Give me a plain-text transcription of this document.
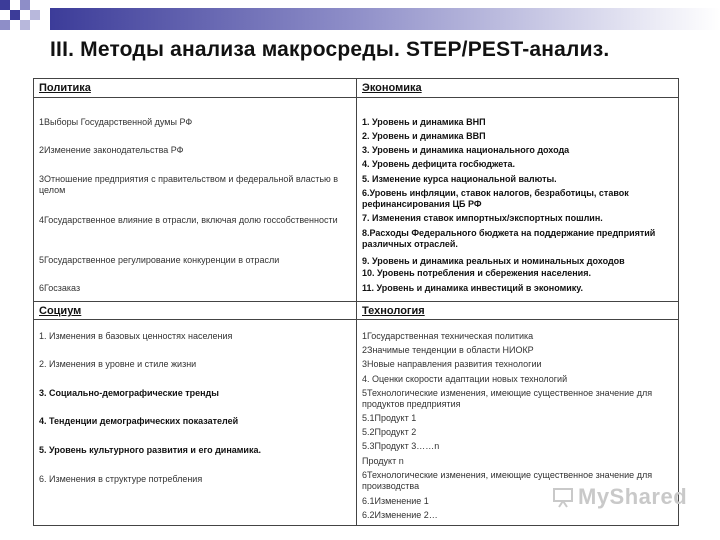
III. Методы анализа макросреды. STEP/PEST-анализ.
Политика
1Выборы Государственной думы РФ
2Изменение законодательства РФ
3Отношение предприятия с правительством и федеральной властью в целом
4Государственное влияние в отрасли, включая долю госсобственности
5Государственное регулирование конкуренции в отрасли
6Госзаказ
Экономика
1. Уровень и динамика ВНП
2. Уровень и динамика ВВП
3. Уровень и динамика национального дохода
4. Уровень дефицита госбюджета.
5. Изменение курса национальной валюты.
6.Уровень инфляции, ставок налогов, безработицы, ставок рефинансирования ЦБ РФ
7. Изменения ставок импортных/экспортных пошлин.
8.Расходы Федерального бюджета на поддержание предприятий различных отраслей.
9. Уровень и динамика реальных и номинальных доходов
10. Уровень потребления и сбережения населения.
11. Уровень и динамика инвестиций в экономику.
Социум
1. Изменения в базовых ценностях населения
2. Изменения в уровне и стиле жизни
3. Социально-демографические тренды
4. Тенденции демографических показателей
5. Уровень культурного развития и его динамика.
6. Изменения в структуре потребления
Технология
1Государственная техническая политика
2Значимые тенденции в области НИОКР
3Новые направления развития технологии
4. Оценки скорости адаптации новых технологий
5Технологические изменения, имеющие существенное значение для продуктов предприятия
5.1Продукт 1
5.2Продукт 2
5.3Продукт 3……n
Продукт n
6Технологические изменения, имеющие существенное значение для производства
6.1Изменение 1
6.2Изменение 2…
MyShared
